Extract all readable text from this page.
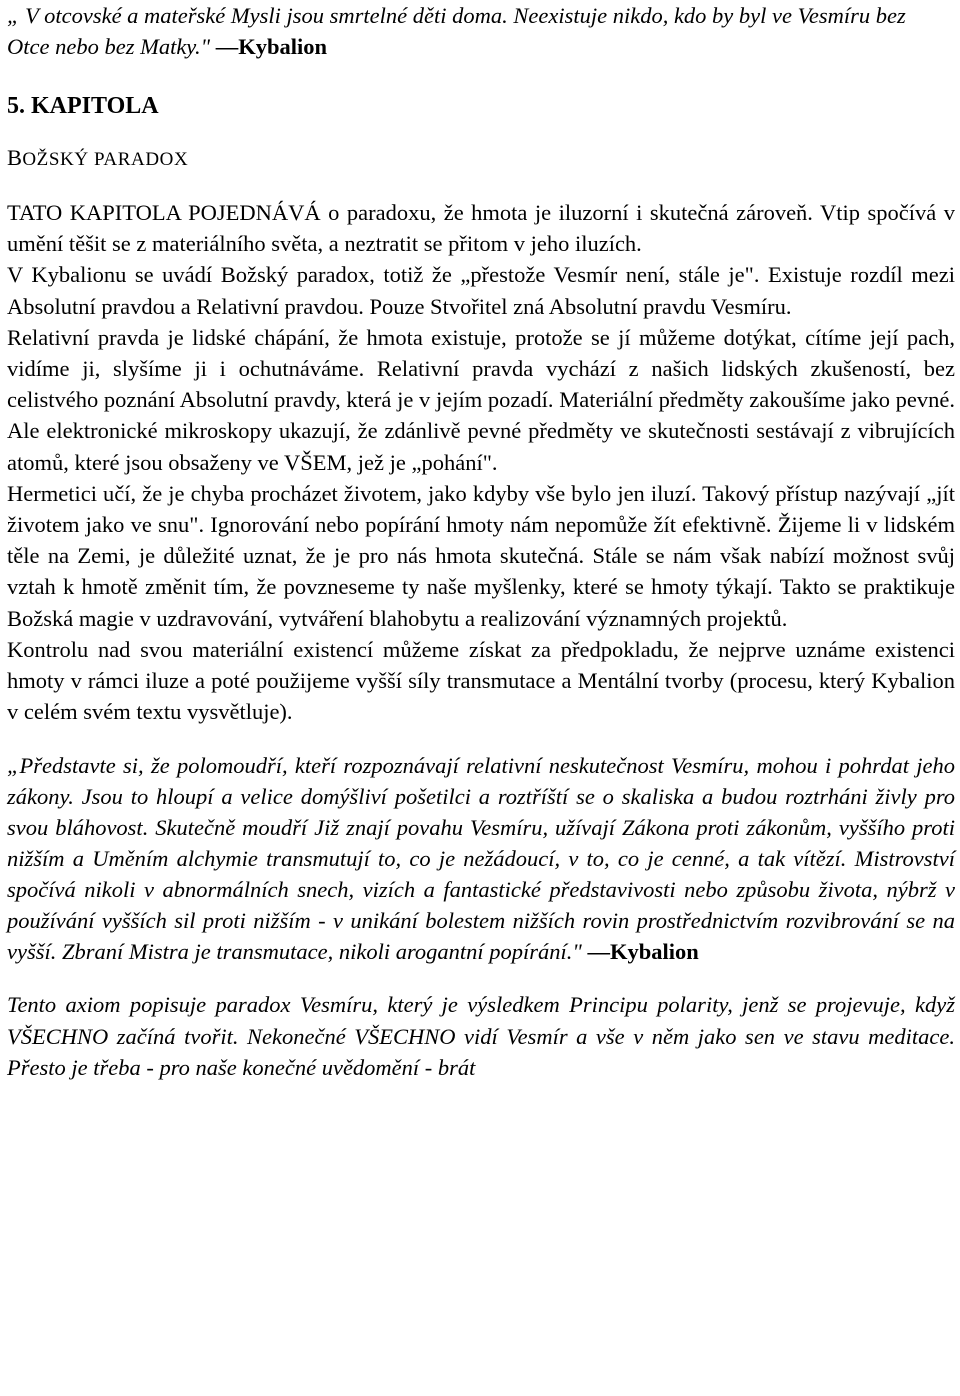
„ V otcovské a mateřské Mysli jsou smrtelné děti doma. Neexistuje nikdo, kdo by byl ve Vesmíru bez
Otce nebo bez Matky." —Kybalion

5. KAPITOLA

BOŽSKÝ PARADOX

TATO KAPITOLA POJEDNÁVÁ o paradoxu, že hmota je iluzorní i skutečná zároveň. Vtip spočívá v umění těšit se z materiálního světa, a neztratit se přitom v jeho iluzích.

V Kybalionu se uvádí Božský paradox, totiž že „přestože Vesmír není, stále je". Existuje rozdíl mezi Absolutní pravdou a Relativní pravdou. Pouze Stvořitel zná Absolutní pravdu Vesmíru.

Relativní pravda je lidské chápání, že hmota existuje, protože se jí můžeme dotýkat, cítíme její pach, vidíme ji, slyšíme ji i ochutnáváme. Relativní pravda vychází z našich lidských zkušeností, bez celistvého poznání Absolutní pravdy, která je v jejím pozadí. Materiální předměty zakoušíme jako pevné. Ale elektronické mikroskopy ukazují, že zdánlivě pevné předměty ve skutečnosti sestávají z vibrujících atomů, které jsou obsaženy ve VŠEM, jež je „pohání".

Hermetici učí, že je chyba procházet životem, jako kdyby vše bylo jen iluzí. Takový přístup nazývají „jít životem jako ve snu". Ignorování nebo popírání hmoty nám nepomůže žít efektivně. Žijeme li v lidském těle na Zemi, je důležité uznat, že je pro nás hmota skutečná. Stále se nám však nabízí možnost svůj vztah k hmotě změnit tím, že povzneseme ty naše myšlenky, které se hmoty týkají. Takto se praktikuje Božská magie v uzdravování, vytváření blahobytu a realizování významných projektů.

Kontrolu nad svou materiální existencí můžeme získat za předpokladu, že nejprve uznáme existenci hmoty v rámci iluze a poté použijeme vyšší síly transmutace a Mentální tvorby (procesu, který Kybalion v celém svém textu vysvětluje).

„Představte si, že polomoudří, kteří rozpoznávají relativní neskutečnost Vesmíru, mohou i pohrdat jeho zákony. Jsou to hloupí a velice domýšliví pošetilci a roztříští se o skaliska a budou roztrháni živly pro svou bláhovost. Skutečně moudří Již znají povahu Vesmíru, užívají Zákona proti zákonům, vyššího proti nižším a Uměním alchymie transmutují to, co je nežádoucí, v to, co je cenné, a tak vítězí. Mistrovství spočívá nikoli v abnormálních snech, vizích a fantastické představivosti nebo způsobu života, nýbrž v používání vyšších sil proti nižším - v unikání bolestem nižších rovin prostřednictvím rozvibrování se na vyšší. Zbraní Mistra je transmutace, nikoli arogantní popírání." —Kybalion

Tento axiom popisuje paradox Vesmíru, který je výsledkem Principu polarity, jenž se projevuje, když VŠECHNO začíná tvořit. Nekonečné VŠECHNO vidí Vesmír a vše v něm jako sen ve stavu meditace. Přesto je třeba - pro naše konečné uvědomění - brát
